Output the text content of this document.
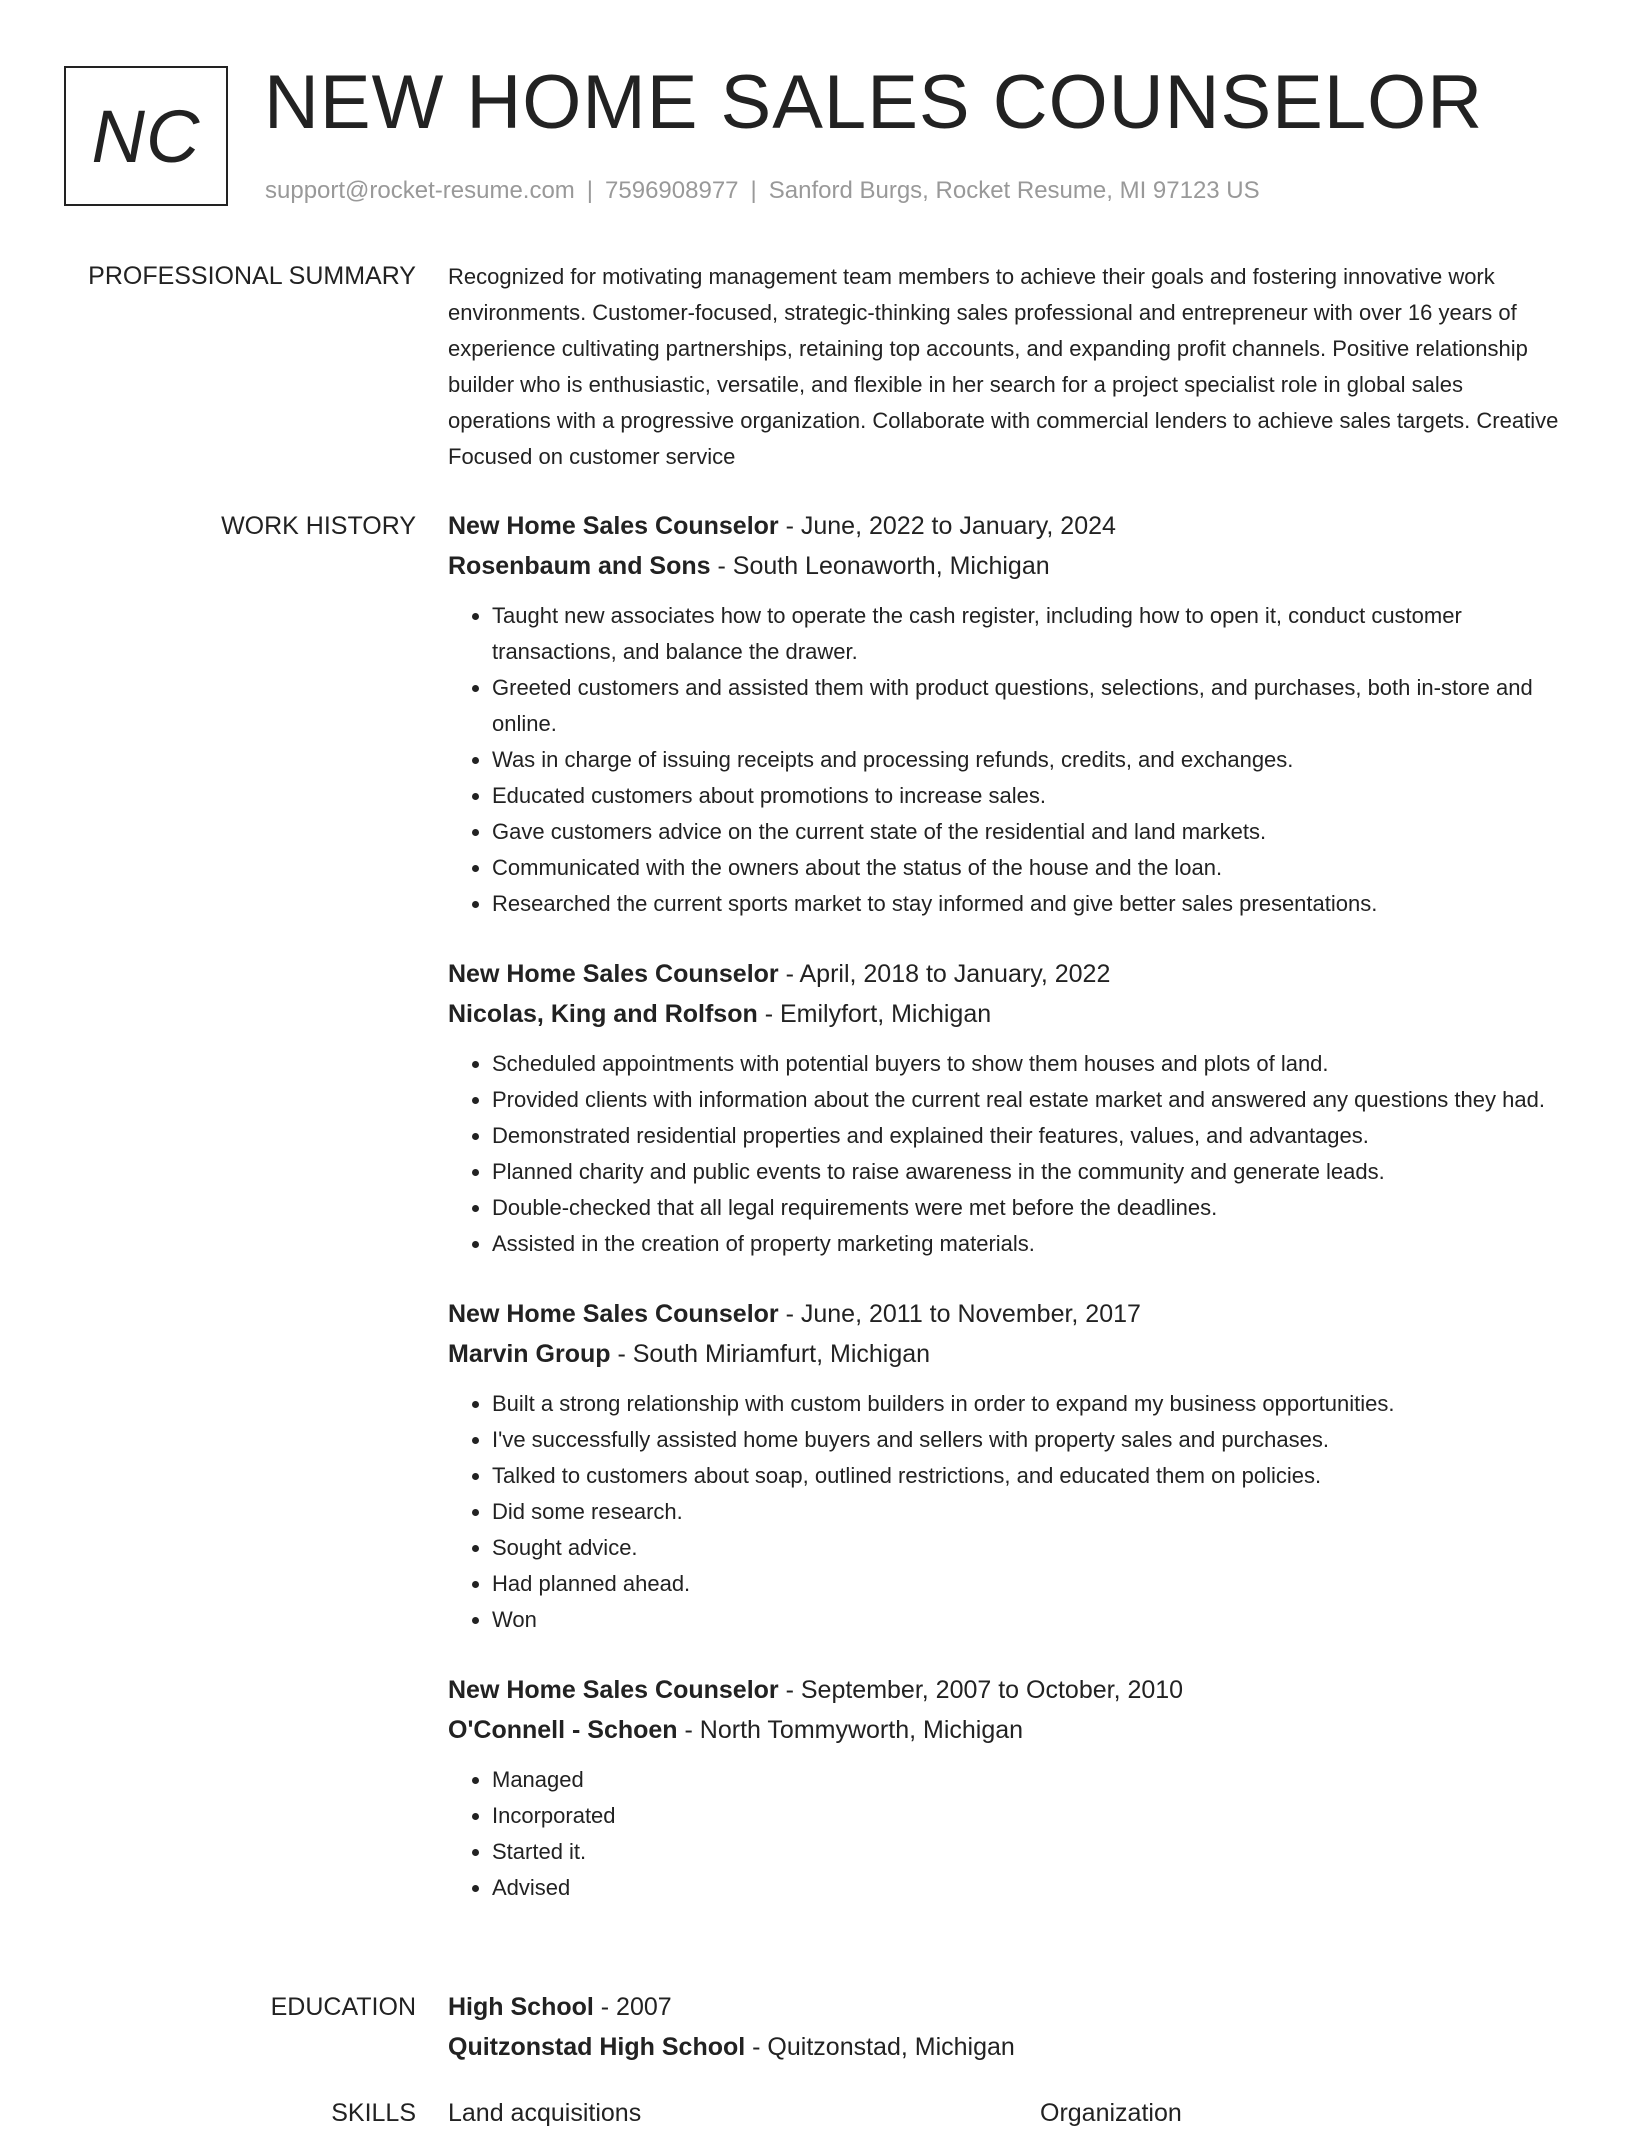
NC NEW HOME SALES COUNSELOR
support@rocket-resume.com | 7596908977 | Sanford Burgs, Rocket Resume, MI 97123 US
PROFESSIONAL SUMMARY Recognized for motivating management team members to achieve their goals and fostering innovative work environments. Customer-focused, strategic-thinking sales professional and entrepreneur with over 16 years of experience cultivating partnerships, retaining top accounts, and expanding profit channels. Positive relationship builder who is enthusiastic, versatile, and flexible in her search for a project specialist role in global sales operations with a progressive organization. Collaborate with commercial lenders to achieve sales targets. Creative Focused on customer service
WORK HISTORY New Home Sales Counselor - June, 2022 to January, 2024
Rosenbaum and Sons - South Leonaworth, Michigan
• Taught new associates how to operate the cash register, including how to open it, conduct customer transactions, and balance the drawer.
• Greeted customers and assisted them with product questions, selections, and purchases, both in-store and online.
• Was in charge of issuing receipts and processing refunds, credits, and exchanges.
• Educated customers about promotions to increase sales.
• Gave customers advice on the current state of the residential and land markets.
• Communicated with the owners about the status of the house and the loan.
• Researched the current sports market to stay informed and give better sales presentations.
New Home Sales Counselor - April, 2018 to January, 2022
Nicolas, King and Rolfson - Emilyfort, Michigan
• Scheduled appointments with potential buyers to show them houses and plots of land.
• Provided clients with information about the current real estate market and answered any questions they had.
• Demonstrated residential properties and explained their features, values, and advantages.
• Planned charity and public events to raise awareness in the community and generate leads.
• Double-checked that all legal requirements were met before the deadlines.
• Assisted in the creation of property marketing materials.
New Home Sales Counselor - June, 2011 to November, 2017
Marvin Group - South Miriamfurt, Michigan
• Built a strong relationship with custom builders in order to expand my business opportunities.
• I've successfully assisted home buyers and sellers with property sales and purchases.
• Talked to customers about soap, outlined restrictions, and educated them on policies.
• Did some research.
• Sought advice.
• Had planned ahead.
• Won
New Home Sales Counselor - September, 2007 to October, 2010
O'Connell - Schoen - North Tommyworth, Michigan
• Managed
• Incorporated
• Started it.
• Advised
EDUCATION High School - 2007
Quitzonstad High School - Quitzonstad, Michigan
SKILLS Land acquisitions	Organization
